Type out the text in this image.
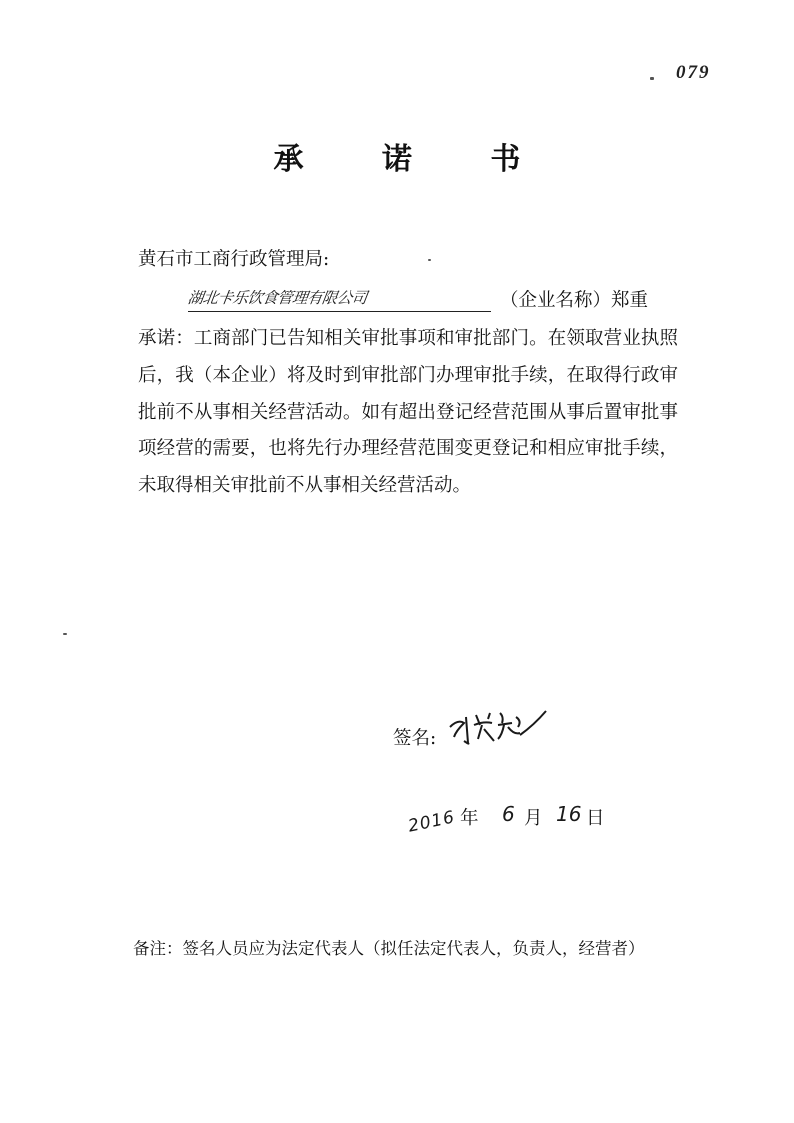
079
承 诺 书
黄石市工商行政管理局:
湖北卡乐饮食管理有限公司	（企业名称）郑重

承诺：工商部门已告知相关审批事项和审批部门。在领取营业执照后，我（本企业）将及时到审批部门办理审批手续，在取得行政审批前不从事相关经营活动。如有超出登记经营范围从事后置审批事项经营的需要，也将先行办理经营范围变更登记和相应审批手续，未取得相关审批前不从事相关经营活动。

签名:
2016 年 6 月 16 日
备注：签名人员应为法定代表人（拟任法定代表人，负责人，经营者）
